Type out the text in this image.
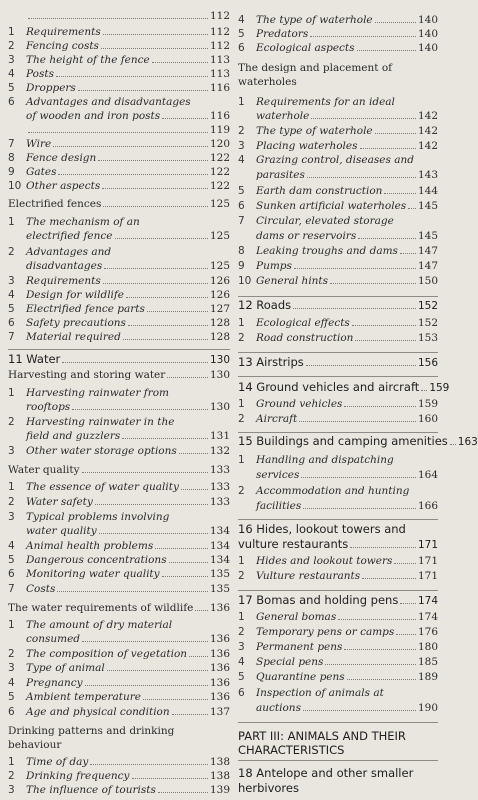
112
1	Requirements	112
2	Fencing costs	112
3	The height of the fence	113
4	Posts	113
5	Droppers	116
6	Advantages and disadvantages
of wooden and iron posts	116
119
7	Wire	120
8	Fence design	122
9	Gates	122
10 Other aspects	122
Electrified fences	125
1	The mechanism of an
electrified fence	125
2	Advantages and
disadvantages	125
3	Requirements	126
4	Design for wildlife	126
5	Electrified fence parts	127
6	Safety precautions	128
7	Material required	128
11 Water	130
Harvesting and storing water	130
1	Harvesting rainwater from
rooftops	130
2	Harvesting rainwater in the
field and guzzlers	131
3	Other water storage options	132
Water quality	133
1	The essence of water quality	133
2	Water safety	133
3	Typical problems involving
water quality	134
4	Animal health problems	134
5	Dangerous concentrations	134
6	Monitoring water quality	135
7	Costs	135
The water requirements of wildlife 136
1	The amount of dry material
consumed	136
2	The composition of vegetation 136
3	Type of animal	136
4	Pregnancy	136
5	Ambient temperature	136
6	Age and physical condition	137
Drinking patterns and drinking
behaviour
1	Time of day	138
2	Drinking frequency	138
3	The influence of tourists	139
4	The type of waterhole	140
5	Predators	140
6	Ecological aspects	140
The design and placement of
waterholes
1	Requirements for an ideal
waterhole	142
2	The type of waterhole	142
3	Placing waterholes	142
4	Grazing control, diseases and
parasites	143
5	Earth dam construction	144
6	Sunken artificial waterholes 145
7	Circular, elevated storage
dams or reservoirs	145
8	Leaking troughs and dams 147
9	Pumps	147
10 General hints	150
12 Roads	152
1	Ecological effects	152
2	Road construction	153
13 Airstrips	156
14 Ground vehicles and aircraft 159
1	Ground vehicles	159
2	Aircraft	160
15 Buildings and camping amenities 163
1	Handling and dispatching
services	164
2	Accommodation and hunting
facilities	166
16 Hides, lookout towers and
vulture restaurants	171
1	Hides and lookout towers 171
2	Vulture restaurants	171
17 Bomas and holding pens 174
1	General bomas	174
2	Temporary pens or camps 176
3	Permanent pens	180
4	Special pens	185
5	Quarantine pens	189
6	Inspection of animals at
auctions	190
PART III: ANIMALS AND THEIR CHARACTERISTICS
18 Antelope and other smaller
herbivores
